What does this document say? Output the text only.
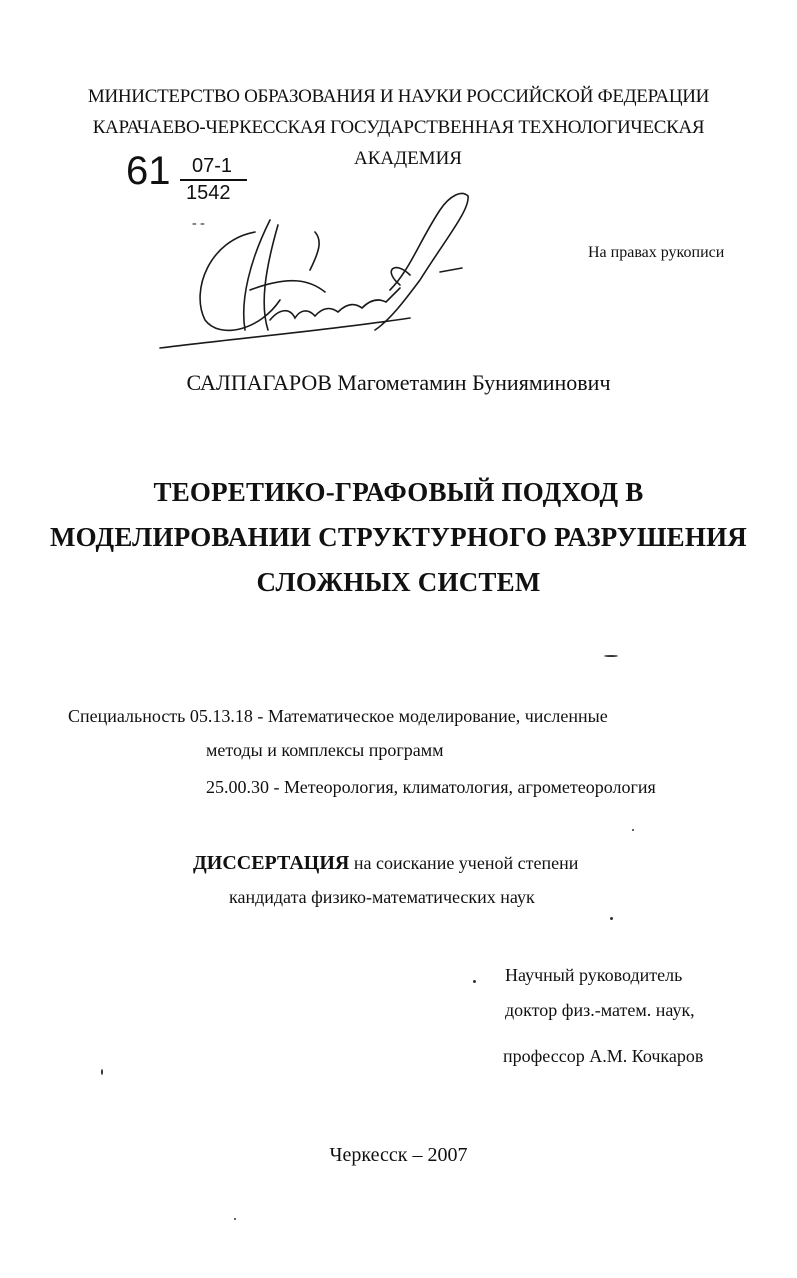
МИНИСТЕРСТВО ОБРАЗОВАНИЯ И НАУКИ РОССИЙСКОЙ ФЕДЕРАЦИИ
КАРАЧАЕВО-ЧЕРКЕССКАЯ ГОСУДАРСТВЕННАЯ ТЕХНОЛОГИЧЕСКАЯ
АКАДЕМИЯ
61 07-1
1542
- -
На правах рукописи
САЛПАГАРОВ Магометамин Бунияминович
ТЕОРЕТИКО-ГРАФОВЫЙ ПОДХОД В
МОДЕЛИРОВАНИИ СТРУКТУРНОГО РАЗРУШЕНИЯ
СЛОЖНЫХ СИСТЕМ
Специальность 05.13.18 - Математическое моделирование, численные
методы и комплексы программ
25.00.30 - Метеорология, климатология, агрометеорология
ДИССЕРТАЦИЯ на соискание ученой степени
кандидата физико-математических наук
Научный руководитель
доктор физ.-матем. наук,
профессор А.М. Кочкаров
Черкесск – 2007
